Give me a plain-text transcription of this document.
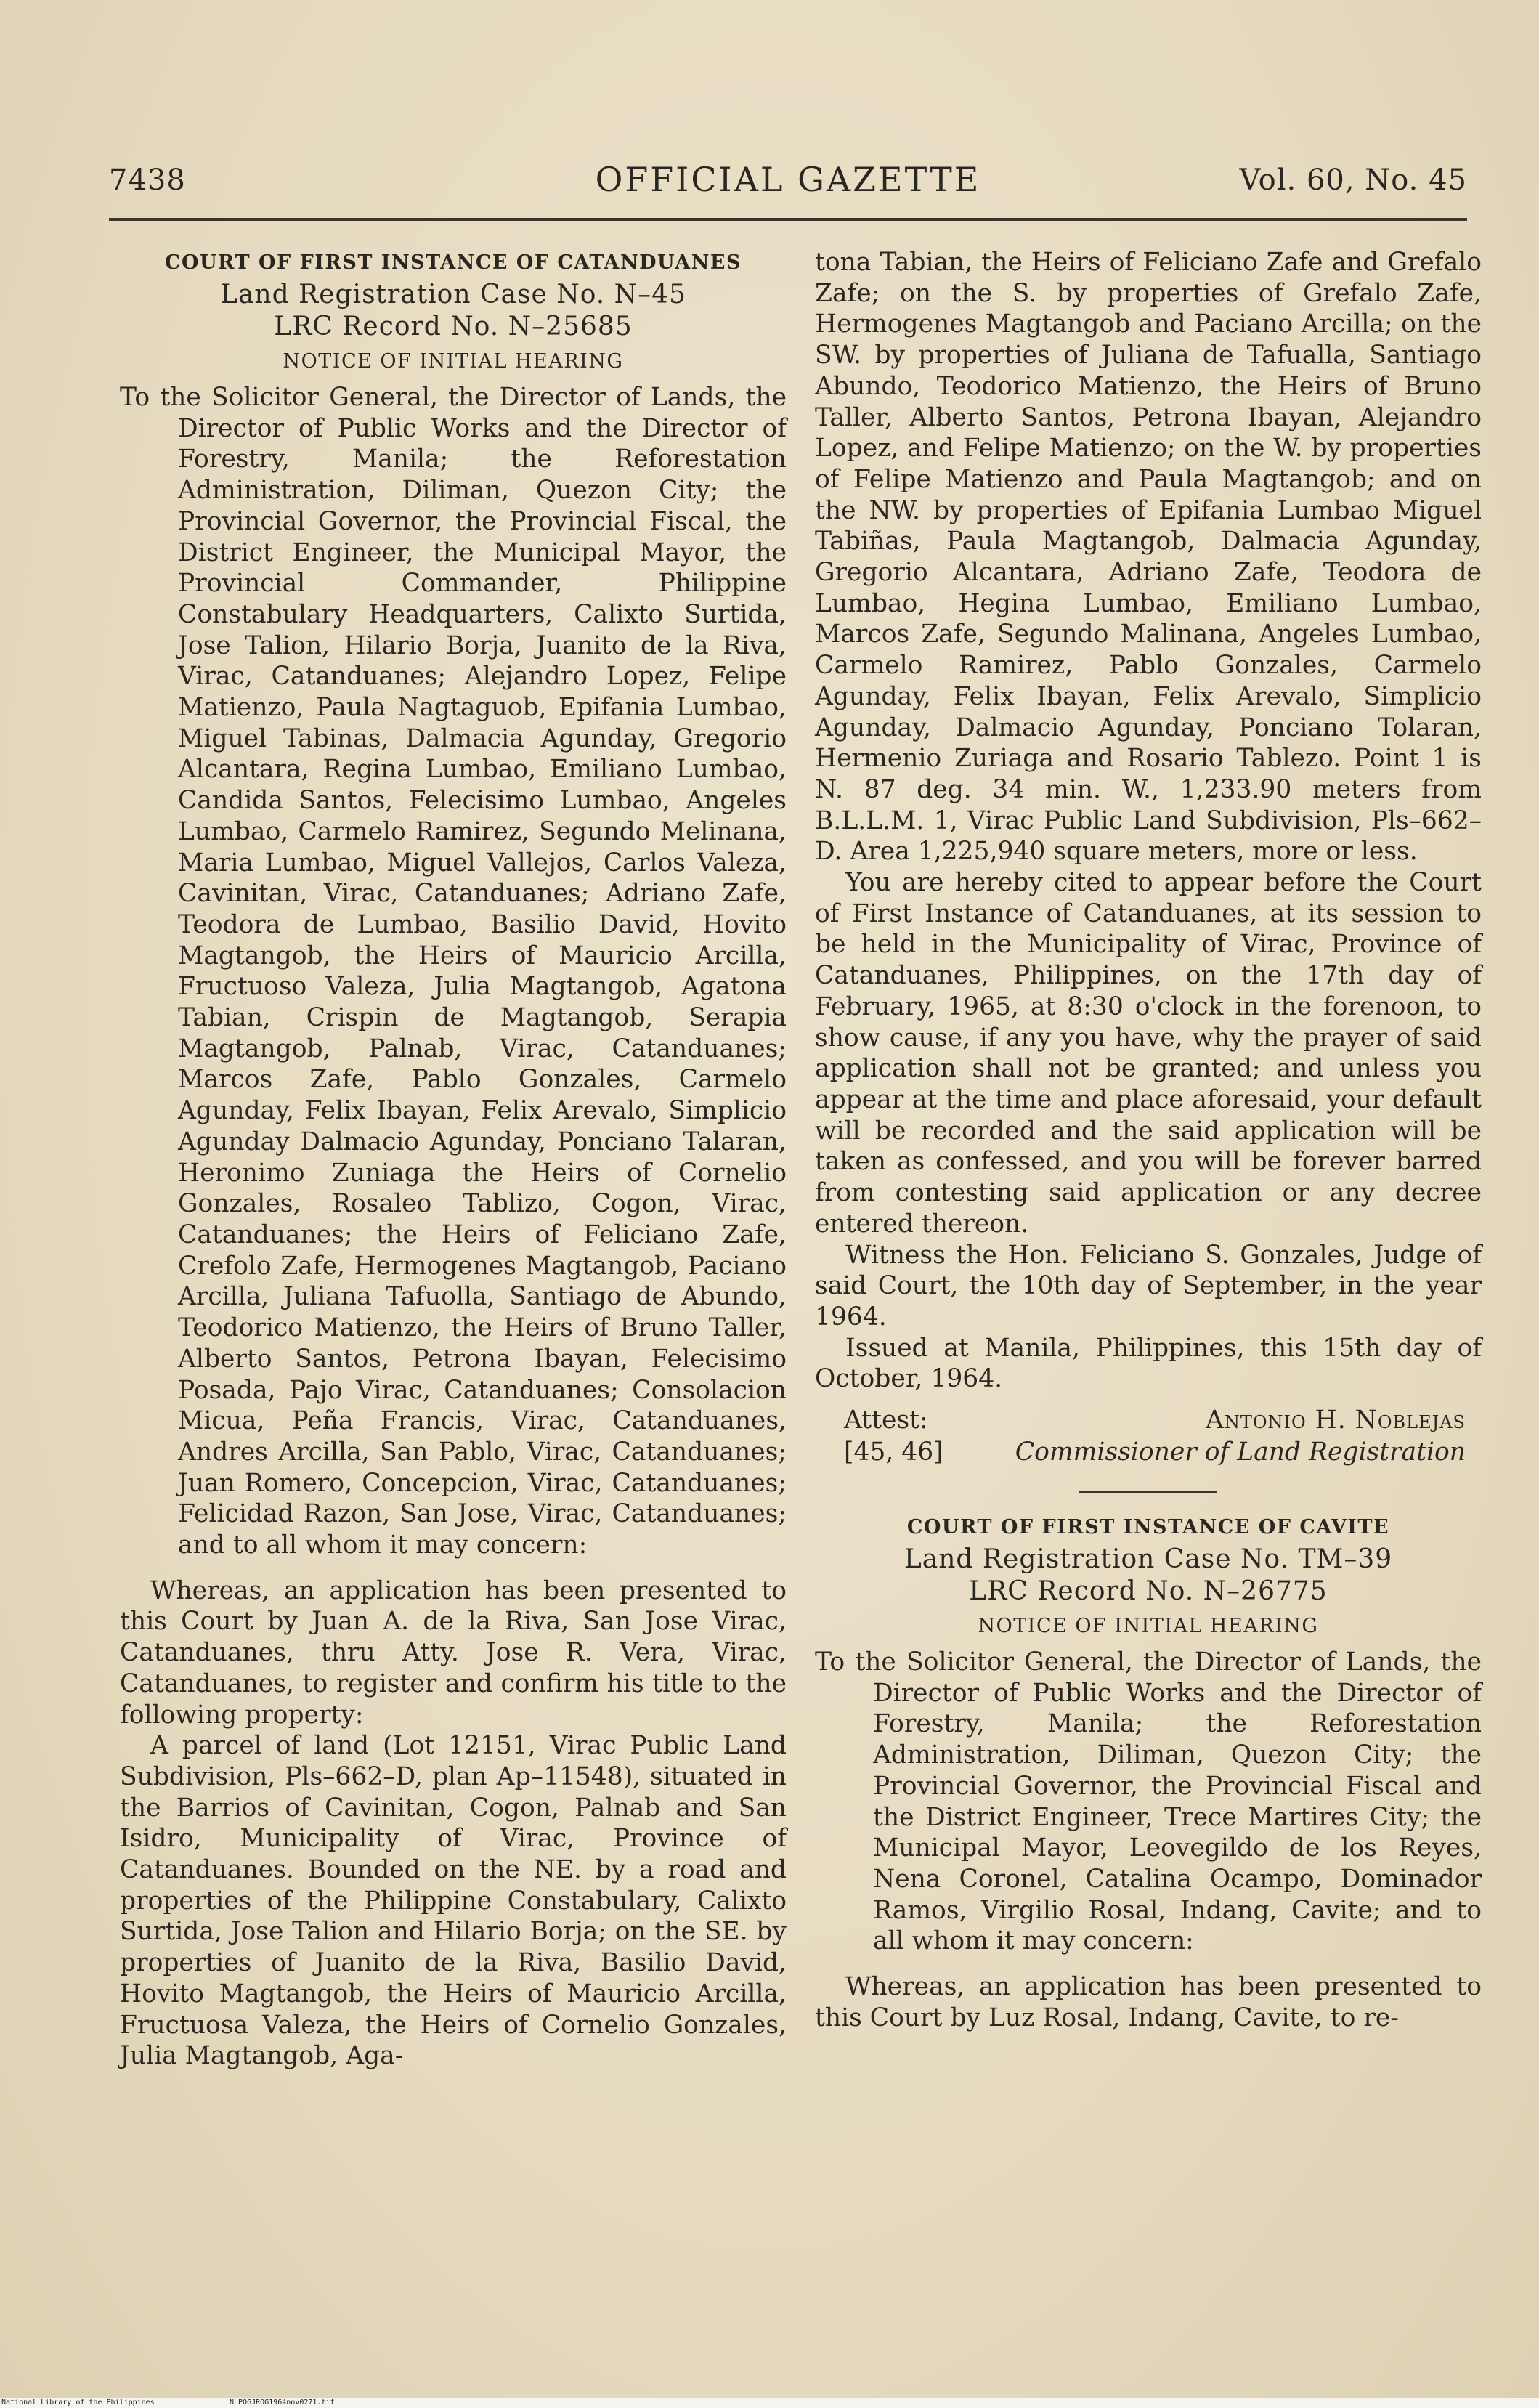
7438	OFFICIAL GAZETTE	Vol. 60, No. 45

COURT OF FIRST INSTANCE OF CATANDUANES

Land Registration Case No. N–45

LRC Record No. N–25685

NOTICE OF INITIAL HEARING

To the Solicitor General, the Director of Lands, the Director of Public Works and the Director of Forestry, Manila; the Reforestation Administration, Diliman, Quezon City; the Provincial Governor, the Provincial Fiscal, the District Engineer, the Municipal Mayor, the Provincial Commander, Philippine Constabulary Headquarters, Calixto Surtida, Jose Talion, Hilario Borja, Juanito de la Riva, Virac, Catanduanes; Alejandro Lopez, Felipe Matienzo, Paula Nagtaguob, Epifania Lumbao, Miguel Tabinas, Dalmacia Agunday, Gregorio Alcantara, Regina Lumbao, Emiliano Lumbao, Candida Santos, Felecisimo Lumbao, Angeles Lumbao, Carmelo Ramirez, Segundo Melinana, Maria Lumbao, Miguel Vallejos, Carlos Valeza, Cavinitan, Virac, Catanduanes; Adriano Zafe, Teodora de Lumbao, Basilio David, Hovito Magtangob, the Heirs of Mauricio Arcilla, Fructuoso Valeza, Julia Magtangob, Agatona Tabian, Crispin de Magtangob, Serapia Magtangob, Palnab, Virac, Catanduanes; Marcos Zafe, Pablo Gonzales, Carmelo Agunday, Felix Ibayan, Felix Arevalo, Simplicio Agunday Dalmacio Agunday, Ponciano Talaran, Heronimo Zuniaga the Heirs of Cornelio Gonzales, Rosaleo Tablizo, Cogon, Virac, Catanduanes; the Heirs of Feliciano Zafe, Crefolo Zafe, Hermogenes Magtangob, Paciano Arcilla, Juliana Tafuolla, Santiago de Abundo, Teodorico Matienzo, the Heirs of Bruno Taller, Alberto Santos, Petrona Ibayan, Felecisimo Posada, Pajo Virac, Catanduanes; Consolacion Micua, Peña Francis, Virac, Catanduanes, Andres Arcilla, San Pablo, Virac, Catanduanes; Juan Romero, Concepcion, Virac, Catanduanes; Felicidad Razon, San Jose, Virac, Catanduanes; and to all whom it may concern:

Whereas, an application has been presented to this Court by Juan A. de la Riva, San Jose Virac, Catanduanes, thru Atty. Jose R. Vera, Virac, Catanduanes, to register and confirm his title to the following property:

A parcel of land (Lot 12151, Virac Public Land Subdivision, Pls–662–D, plan Ap–11548), situated in the Barrios of Cavinitan, Cogon, Palnab and San Isidro, Municipality of Virac, Province of Catanduanes. Bounded on the NE. by a road and properties of the Philippine Constabulary, Calixto Surtida, Jose Talion and Hilario Borja; on the SE. by properties of Juanito de la Riva, Basilio David, Hovito Magtangob, the Heirs of Mauricio Arcilla, Fructuosa Valeza, the Heirs of Cornelio Gonzales, Julia Magtangob, Aga-

tona Tabian, the Heirs of Feliciano Zafe and Grefalo Zafe; on the S. by properties of Grefalo Zafe, Hermogenes Magtangob and Paciano Arcilla; on the SW. by properties of Juliana de Tafualla, Santiago Abundo, Teodorico Matienzo, the Heirs of Bruno Taller, Alberto Santos, Petrona Ibayan, Alejandro Lopez, and Felipe Matienzo; on the W. by properties of Felipe Matienzo and Paula Magtangob; and on the NW. by properties of Epifania Lumbao Miguel Tabiñas, Paula Magtangob, Dalmacia Agunday, Gregorio Alcantara, Adriano Zafe, Teodora de Lumbao, Hegina Lumbao, Emiliano Lumbao, Marcos Zafe, Segundo Malinana, Angeles Lumbao, Carmelo Ramirez, Pablo Gonzales, Carmelo Agunday, Felix Ibayan, Felix Arevalo, Simplicio Agunday, Dalmacio Agunday, Ponciano Tolaran, Hermenio Zuriaga and Rosario Tablezo. Point 1 is N. 87 deg. 34 min. W., 1,233.90 meters from B.L.L.M. 1, Virac Public Land Subdivision, Pls–662–D. Area 1,225,940 square meters, more or less.

You are hereby cited to appear before the Court of First Instance of Catanduanes, at its session to be held in the Municipality of Virac, Province of Catanduanes, Philippines, on the 17th day of February, 1965, at 8:30 o'clock in the forenoon, to show cause, if any you have, why the prayer of said application shall not be granted; and unless you appear at the time and place aforesaid, your default will be recorded and the said application will be taken as confessed, and you will be forever barred from contesting said application or any decree entered thereon.

Witness the Hon. Feliciano S. Gonzales, Judge of said Court, the 10th day of September, in the year 1964.

Issued at Manila, Philippines, this 15th day of October, 1964.

Attest:
[45, 46]
Antonio H. Noblejas
Commissioner of Land Registration

COURT OF FIRST INSTANCE OF CAVITE

Land Registration Case No. TM–39

LRC Record No. N–26775

NOTICE OF INITIAL HEARING

To the Solicitor General, the Director of Lands, the Director of Public Works and the Director of Forestry, Manila; the Reforestation Administration, Diliman, Quezon City; the Provincial Governor, the Provincial Fiscal and the District Engineer, Trece Martires City; the Municipal Mayor, Leovegildo de los Reyes, Nena Coronel, Catalina Ocampo, Dominador Ramos, Virgilio Rosal, Indang, Cavite; and to all whom it may concern:

Whereas, an application has been presented to this Court by Luz Rosal, Indang, Cavite, to re-

National Library of the Philippines	NLPOGJROG1964nov0271.tif
